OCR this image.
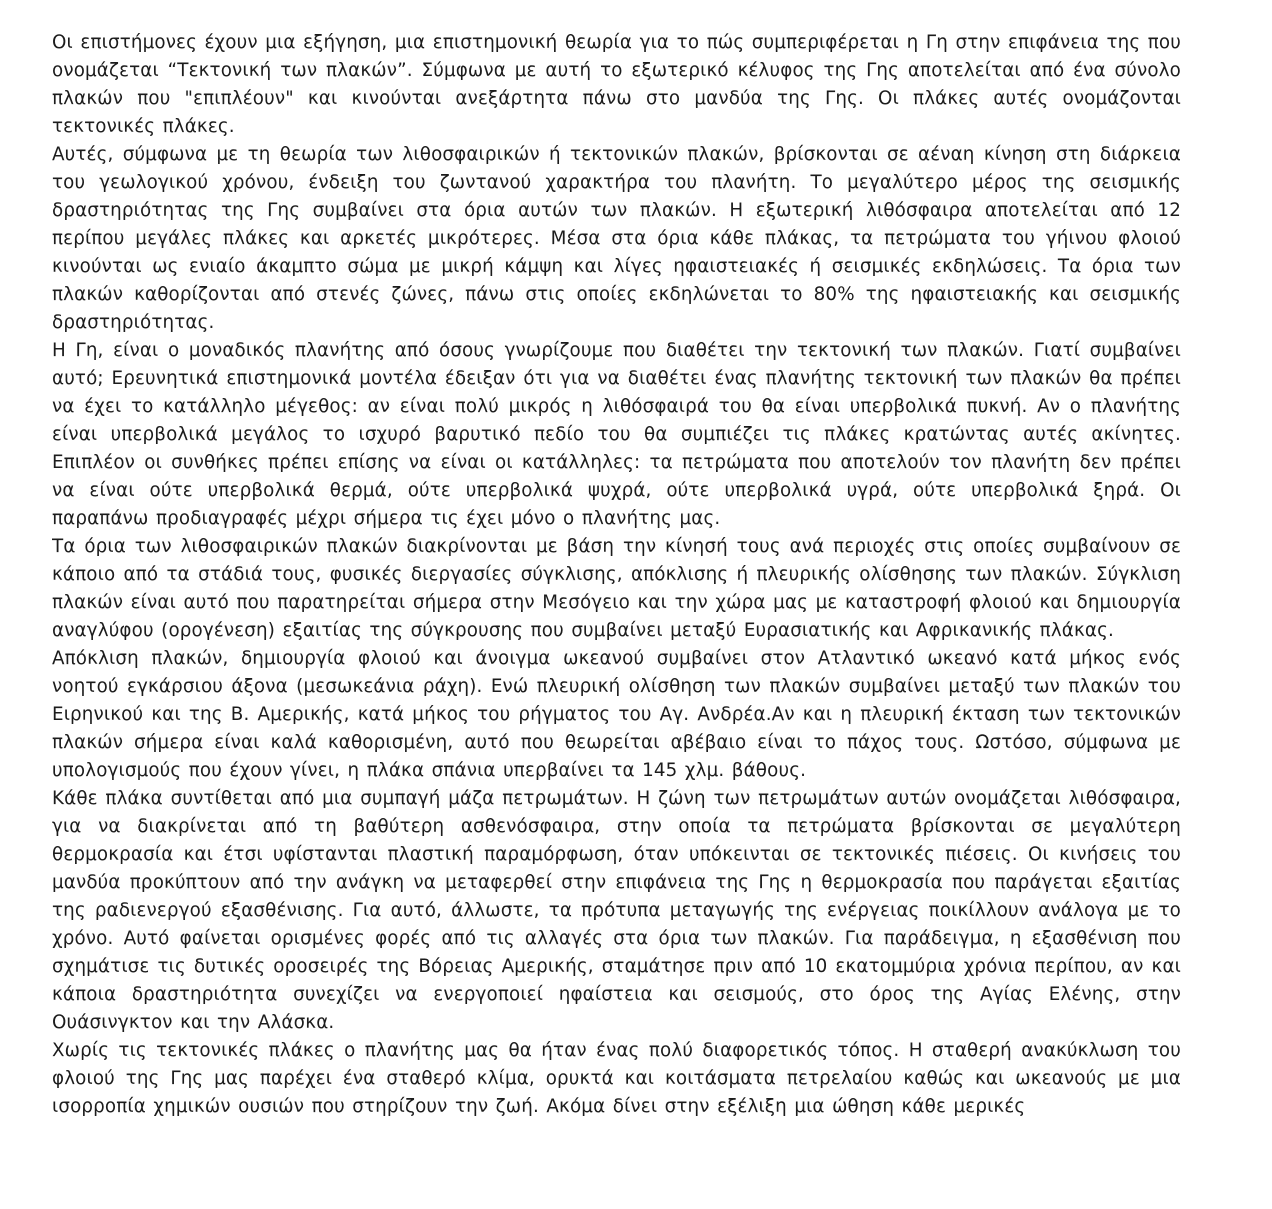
Οι επιστήμονες έχουν μια εξήγηση, μια επιστημονική θεωρία για το πώς συμπεριφέρεται η Γη στην επιφάνεια της που ονομάζεται “Τεκτονική των πλακών”. Σύμφωνα με αυτή το εξωτερικό κέλυφος της Γης αποτελείται από ένα σύνολο πλακών που "επιπλέουν" και κινούνται ανεξάρτητα πάνω στο μανδύα της Γης. Οι πλάκες αυτές ονομάζονται τεκτονικές πλάκες.

Αυτές, σύμφωνα με τη θεωρία των λιθοσφαιρικών ή τεκτονικών πλακών, βρίσκονται σε αέναη κίνηση στη διάρκεια του γεωλογικού χρόνου, ένδειξη του ζωντανού χαρακτήρα του πλανήτη. Το μεγαλύτερο μέρος της σεισμικής δραστηριότητας της Γης συμβαίνει στα όρια αυτών των πλακών. Η εξωτερική λιθόσφαιρα αποτελείται από 12 περίπου μεγάλες πλάκες και αρκετές μικρότερες. Μέσα στα όρια κάθε πλάκας, τα πετρώματα του γήινου φλοιού κινούνται ως ενιαίο άκαμπτο σώμα με μικρή κάμψη και λίγες ηφαιστειακές ή σεισμικές εκδηλώσεις. Τα όρια των πλακών καθορίζονται από στενές ζώνες, πάνω στις οποίες εκδηλώνεται το 80% της ηφαιστειακής και σεισμικής δραστηριότητας.

Η Γη, είναι ο μοναδικός πλανήτης από όσους γνωρίζουμε που διαθέτει την τεκτονική των πλακών. Γιατί συμβαίνει αυτό; Ερευνητικά επιστημονικά μοντέλα έδειξαν ότι για να διαθέτει ένας πλανήτης τεκτονική των πλακών θα πρέπει να έχει το κατάλληλο μέγεθος: αν είναι πολύ μικρός η λιθόσφαιρά του θα είναι υπερβολικά πυκνή. Αν ο πλανήτης είναι υπερβολικά μεγάλος το ισχυρό βαρυτικό πεδίο του θα συμπιέζει τις πλάκες κρατώντας αυτές ακίνητες. Επιπλέον οι συνθήκες πρέπει επίσης να είναι οι κατάλληλες: τα πετρώματα που αποτελούν τον πλανήτη δεν πρέπει να είναι ούτε υπερβολικά θερμά, ούτε υπερβολικά ψυχρά, ούτε υπερβολικά υγρά, ούτε υπερβολικά ξηρά. Οι παραπάνω προδιαγραφές μέχρι σήμερα τις έχει μόνο ο πλανήτης μας.

Τα όρια των λιθοσφαιρικών πλακών διακρίνονται με βάση την κίνησή τους ανά περιοχές στις οποίες συμβαίνουν σε κάποιο από τα στάδιά τους, φυσικές διεργασίες σύγκλισης, απόκλισης ή πλευρικής ολίσθησης των πλακών. Σύγκλιση πλακών είναι αυτό που παρατηρείται σήμερα στην Μεσόγειο και την χώρα μας με καταστροφή φλοιού και δημιουργία αναγλύφου (ορογένεση) εξαιτίας της σύγκρουσης που συμβαίνει μεταξύ Ευρασιατικής και Αφρικανικής πλάκας.

Απόκλιση πλακών, δημιουργία φλοιού και άνοιγμα ωκεανού συμβαίνει στον Ατλαντικό ωκεανό κατά μήκος ενός νοητού εγκάρσιου άξονα (μεσωκεάνια ράχη). Ενώ πλευρική ολίσθηση των πλακών συμβαίνει μεταξύ των πλακών του Ειρηνικού και της Β. Αμερικής, κατά μήκος του ρήγματος του Αγ. Ανδρέα.Αν και η πλευρική έκταση των τεκτονικών πλακών σήμερα είναι καλά καθορισμένη, αυτό που θεωρείται αβέβαιο είναι το πάχος τους. Ωστόσο, σύμφωνα με υπολογισμούς που έχουν γίνει, η πλάκα σπάνια υπερβαίνει τα 145 χλμ. βάθους.

Κάθε πλάκα συντίθεται από μια συμπαγή μάζα πετρωμάτων. Η ζώνη των πετρωμάτων αυτών ονομάζεται λιθόσφαιρα, για να διακρίνεται από τη βαθύτερη ασθενόσφαιρα, στην οποία τα πετρώματα βρίσκονται σε μεγαλύτερη θερμοκρασία και έτσι υφίστανται πλαστική παραμόρφωση, όταν υπόκεινται σε τεκτονικές πιέσεις. Οι κινήσεις του μανδύα προκύπτουν από την ανάγκη να μεταφερθεί στην επιφάνεια της Γης η θερμοκρασία που παράγεται εξαιτίας της ραδιενεργού εξασθένισης. Για αυτό, άλλωστε, τα πρότυπα μεταγωγής της ενέργειας ποικίλλουν ανάλογα με το χρόνο. Αυτό φαίνεται ορισμένες φορές από τις αλλαγές στα όρια των πλακών. Για παράδειγμα, η εξασθένιση που σχημάτισε τις δυτικές οροσειρές της Βόρειας Αμερικής, σταμάτησε πριν από 10 εκατομμύρια χρόνια περίπου, αν και κάποια δραστηριότητα συνεχίζει να ενεργοποιεί ηφαίστεια και σεισμούς, στο όρος της Αγίας Ελένης, στην Ουάσινγκτον και την Αλάσκα.

Χωρίς τις τεκτονικές πλάκες ο πλανήτης μας θα ήταν ένας πολύ διαφορετικός τόπος. Η σταθερή ανακύκλωση του φλοιού της Γης μας παρέχει ένα σταθερό κλίμα, ορυκτά και κοιτάσματα πετρελαίου καθώς και ωκεανούς με μια ισορροπία χημικών ουσιών που στηρίζουν την ζωή. Ακόμα δίνει στην εξέλιξη μια ώθηση κάθε μερικές
